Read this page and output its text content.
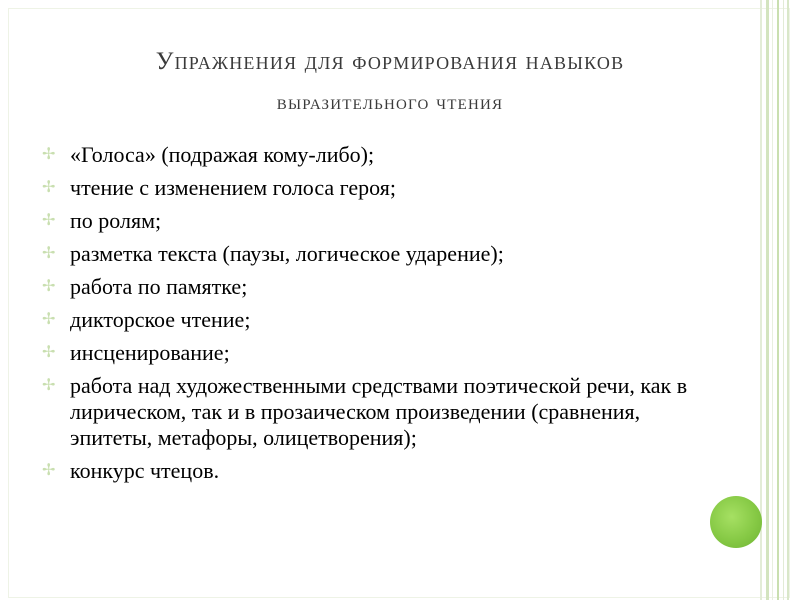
Упражнения для формирования навыков
выразительного чтения
✢ «Голоса» (подражая кому-либо);
✢ чтение с изменением голоса героя;
✢ по ролям;
✢ разметка текста (паузы, логическое ударение);
✢ работа по памятке;
✢ дикторское чтение;
✢ инсценирование;
✢ работа над художественными средствами поэтической речи, как в лирическом, так и в прозаическом произведении (сравнения, эпитеты, метафоры, олицетворения);
✢ конкурс чтецов.
